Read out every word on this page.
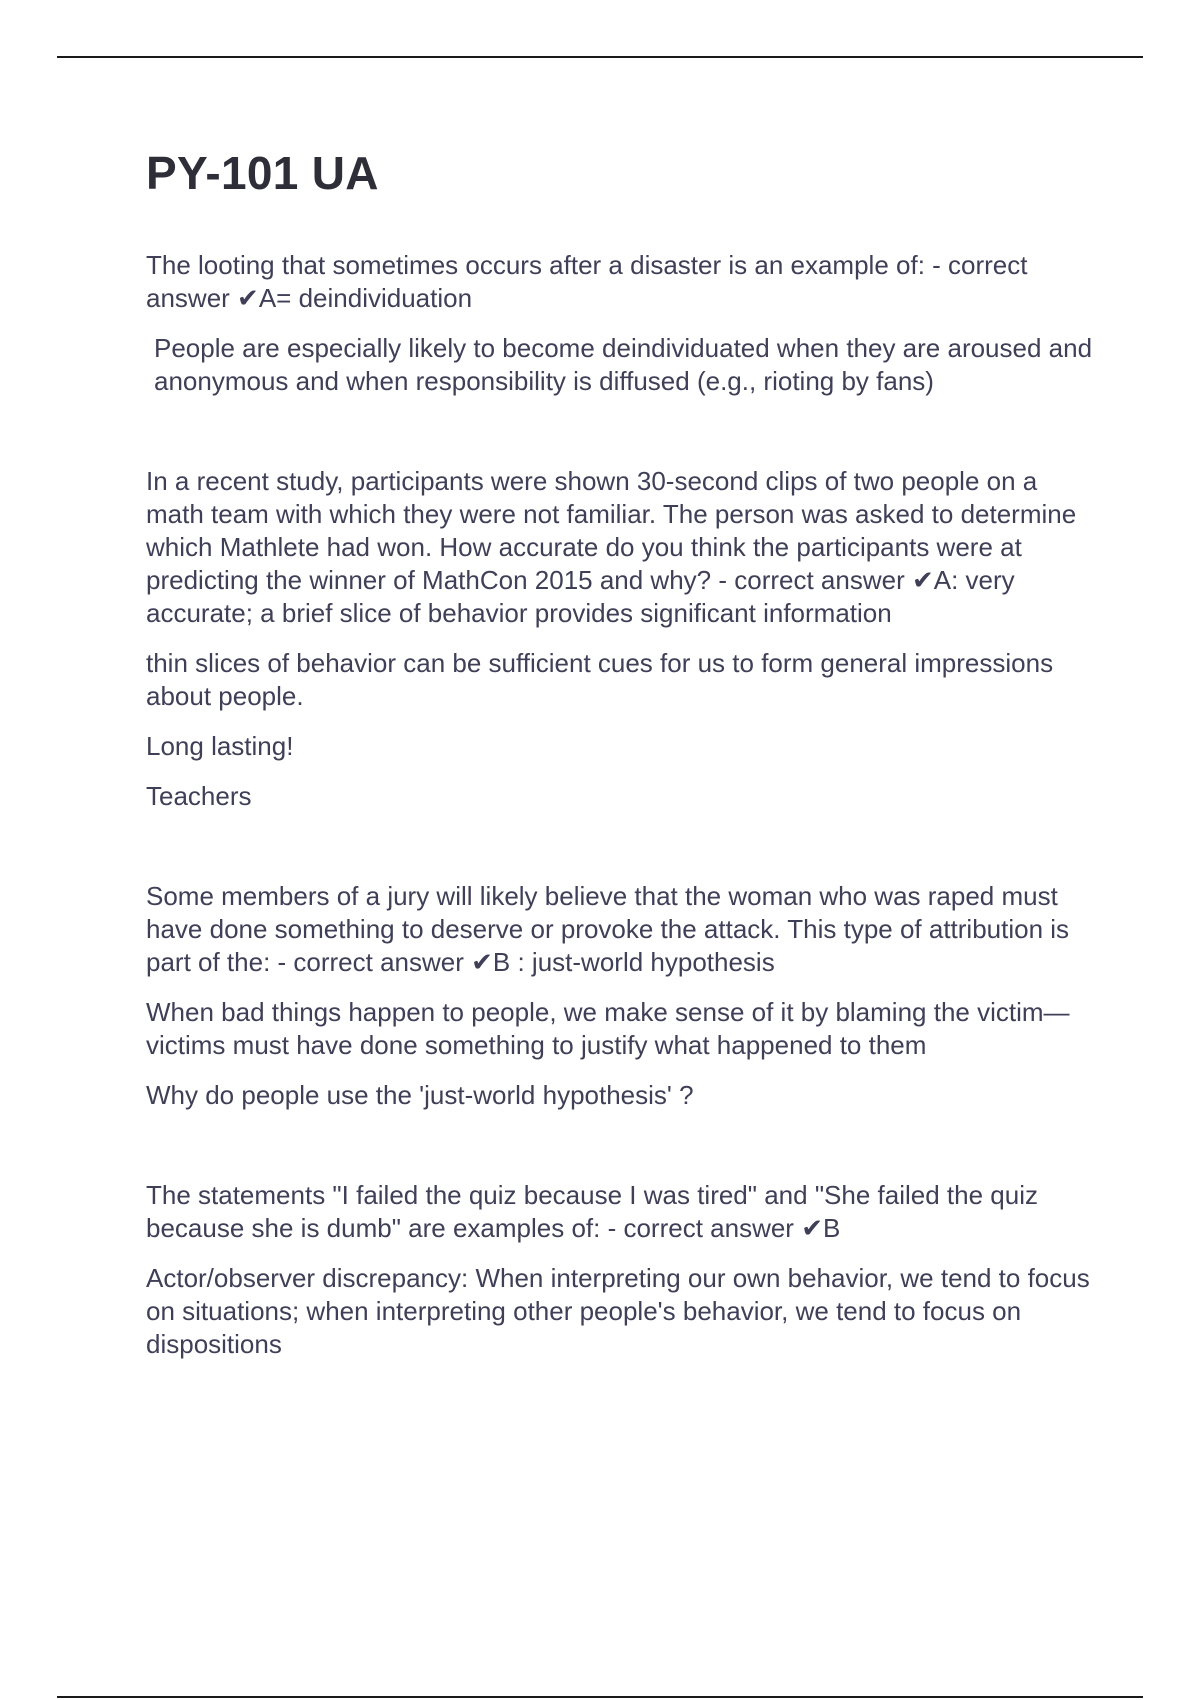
PY-101 UA

The looting that sometimes occurs after a disaster is an example of: - correct answer ✔A= deindividuation

People are especially likely to become deindividuated when they are aroused and anonymous and when responsibility is diffused (e.g., rioting by fans)

In a recent study, participants were shown 30-second clips of two people on a math team with which they were not familiar. The person was asked to determine which Mathlete had won. How accurate do you think the participants were at predicting the winner of MathCon 2015 and why? - correct answer ✔A: very accurate; a brief slice of behavior provides significant information

thin slices of behavior can be sufficient cues for us to form general impressions about people.

Long lasting!

Teachers

Some members of a jury will likely believe that the woman who was raped must have done something to deserve or provoke the attack. This type of attribution is part of the: - correct answer ✔B : just-world hypothesis

When bad things happen to people, we make sense of it by blaming the victim—victims must have done something to justify what happened to them

Why do people use the 'just-world hypothesis' ?

The statements "I failed the quiz because I was tired" and "She failed the quiz because she is dumb" are examples of: - correct answer ✔B

Actor/observer discrepancy: When interpreting our own behavior, we tend to focus on situations; when interpreting other people's behavior, we tend to focus on dispositions
